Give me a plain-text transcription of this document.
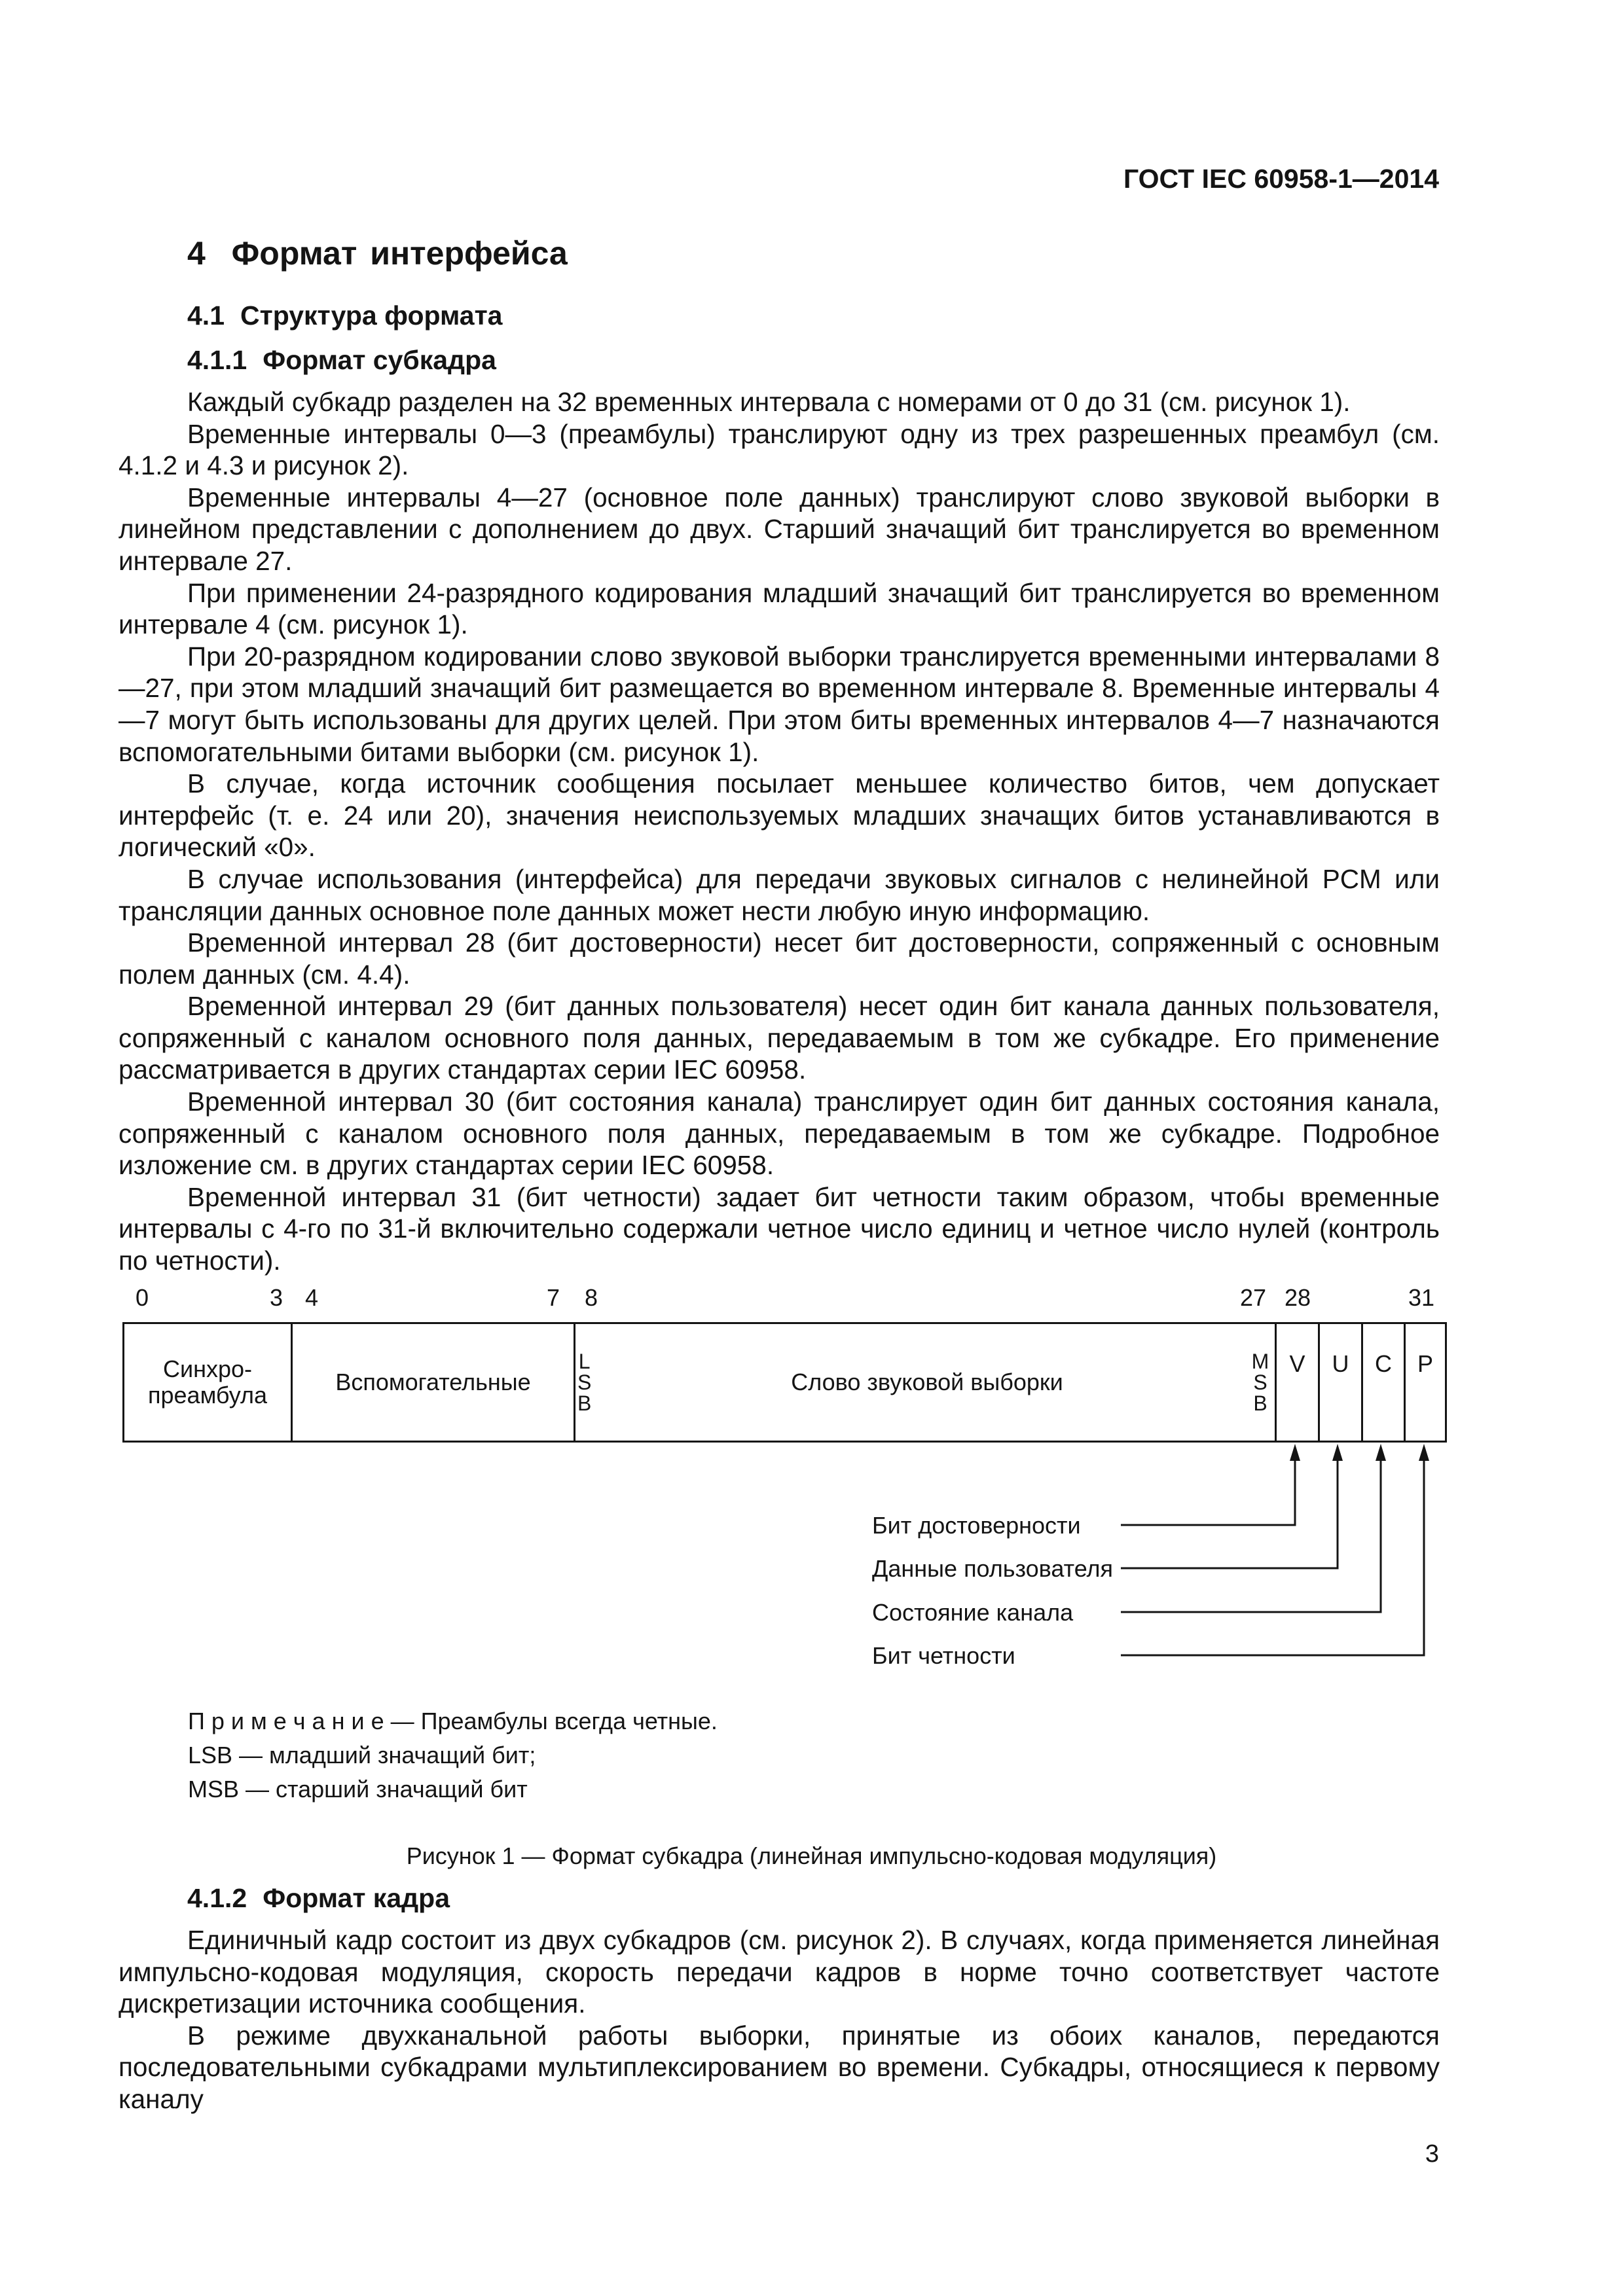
ГОСТ IEC 60958-1—2014
4 Формат интерфейса
4.1 Структура формата
4.1.1 Формат субкадра

Каждый субкадр разделен на 32 временных интервала с номерами от 0 до 31 (см. рисунок 1).

Временные интервалы 0—3 (преамбулы) транслируют одну из трех разрешенных преамбул (см. 4.1.2 и 4.3 и рисунок 2).

Временные интервалы 4—27 (основное поле данных) транслируют слово звуковой выборки в линейном представлении с дополнением до двух. Старший значащий бит транслируется во временном интервале 27.

При применении 24-разрядного кодирования младший значащий бит транслируется во временном интервале 4 (см. рисунок 1).

При 20-разрядном кодировании слово звуковой выборки транслируется временными интервалами 8—27, при этом младший значащий бит размещается во временном интервале 8. Временные интервалы 4—7 могут быть использованы для других целей. При этом биты временных интервалов 4—7 назначаются вспомогательными битами выборки (см. рисунок 1).

В случае, когда источник сообщения посылает меньшее количество битов, чем допускает интерфейс (т. е. 24 или 20), значения неиспользуемых младших значащих битов устанавливаются в логический «0».

В случае использования (интерфейса) для передачи звуковых сигналов с нелинейной PCM или трансляции данных основное поле данных может нести любую иную информацию.

Временной интервал 28 (бит достоверности) несет бит достоверности, сопряженный с основным полем данных (см. 4.4).

Временной интервал 29 (бит данных пользователя) несет один бит канала данных пользователя, сопряженный с каналом основного поля данных, передаваемым в том же субкадре. Его применение рассматривается в других стандартах серии IEC 60958.

Временной интервал 30 (бит состояния канала) транслирует один бит данных состояния канала, сопряженный с каналом основного поля данных, передаваемым в том же субкадре. Подробное изложение см. в других стандартах серии IEC 60958.

Временной интервал 31 (бит четности) задает бит четности таким образом, чтобы временные интервалы с 4-го по 31-й включительно содержали четное число единиц и четное число нулей (контроль по четности).

0	3 4	7 8	27 28	31
Синхро-
преамбула	Вспомогательные
L
S
B
Слово звуковой выборки
M
S
B
V U C P
Бит достоверности
Данные пользователя
Состояние канала
Бит четности
П р и м е ч а н и е — Преамбулы всегда четные.
LSB — младший значащий бит;
MSB — старший значащий бит
Рисунок 1 — Формат субкадра (линейная импульсно-кодовая модуляция)
4.1.2 Формат кадра

Единичный кадр состоит из двух субкадров (см. рисунок 2). В случаях, когда применяется линейная импульсно-кодовая модуляция, скорость передачи кадров в норме точно соответствует частоте дискретизации источника сообщения.

В режиме двухканальной работы выборки, принятые из обоих каналов, передаются последовательными субкадрами мультиплексированием во времени. Субкадры, относящиеся к первому каналу

3
